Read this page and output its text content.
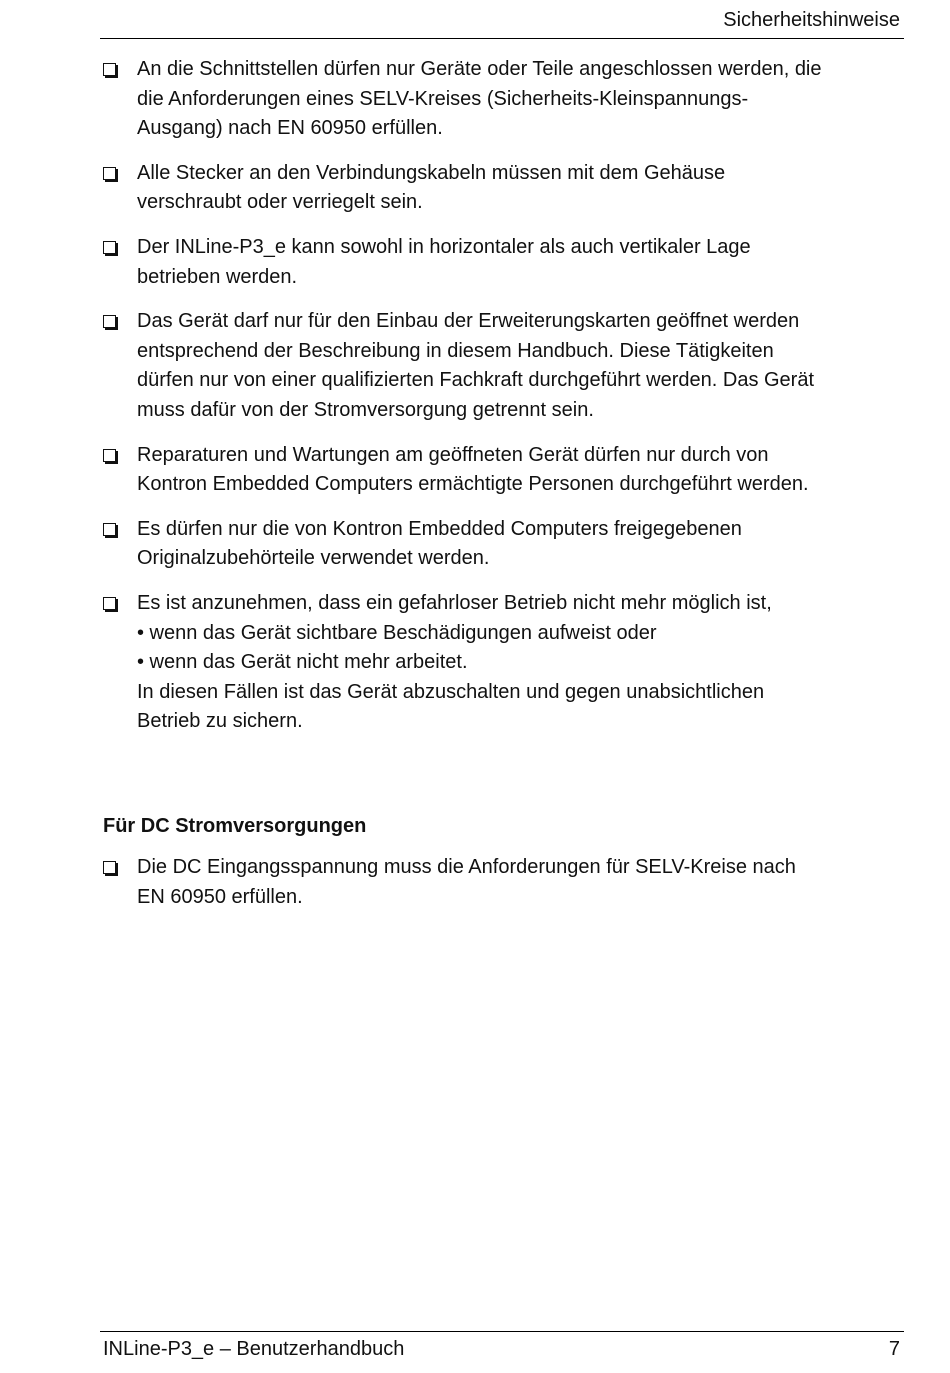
Sicherheitshinweise
An die Schnittstellen dürfen nur Geräte oder Teile angeschlossen werden, die
die Anforderungen eines SELV-Kreises (Sicherheits-Kleinspannungs-
Ausgang) nach EN 60950 erfüllen.
Alle Stecker an den Verbindungskabeln müssen mit dem Gehäuse
verschraubt oder verriegelt sein.
Der INLine-P3_e kann sowohl in horizontaler als auch vertikaler Lage
betrieben werden.
Das Gerät darf nur für den Einbau der Erweiterungskarten geöffnet werden
entsprechend der Beschreibung in diesem Handbuch. Diese Tätigkeiten
dürfen nur von einer qualifizierten Fachkraft durchgeführt werden. Das Gerät
muss dafür von der Stromversorgung getrennt sein.
Reparaturen und Wartungen am geöffneten Gerät dürfen nur durch von
Kontron Embedded Computers ermächtigte Personen durchgeführt werden.
Es dürfen nur die von Kontron Embedded Computers freigegebenen
Originalzubehörteile verwendet werden.
Es ist anzunehmen, dass ein gefahrloser Betrieb nicht mehr möglich ist,
• wenn das Gerät sichtbare Beschädigungen aufweist oder
• wenn das Gerät nicht mehr arbeitet.
In diesen Fällen ist das Gerät abzuschalten und gegen unabsichtlichen
Betrieb zu sichern.
Für DC Stromversorgungen
Die DC Eingangsspannung muss die Anforderungen für SELV-Kreise nach
EN 60950 erfüllen.
INLine-P3_e – Benutzerhandbuch	7
